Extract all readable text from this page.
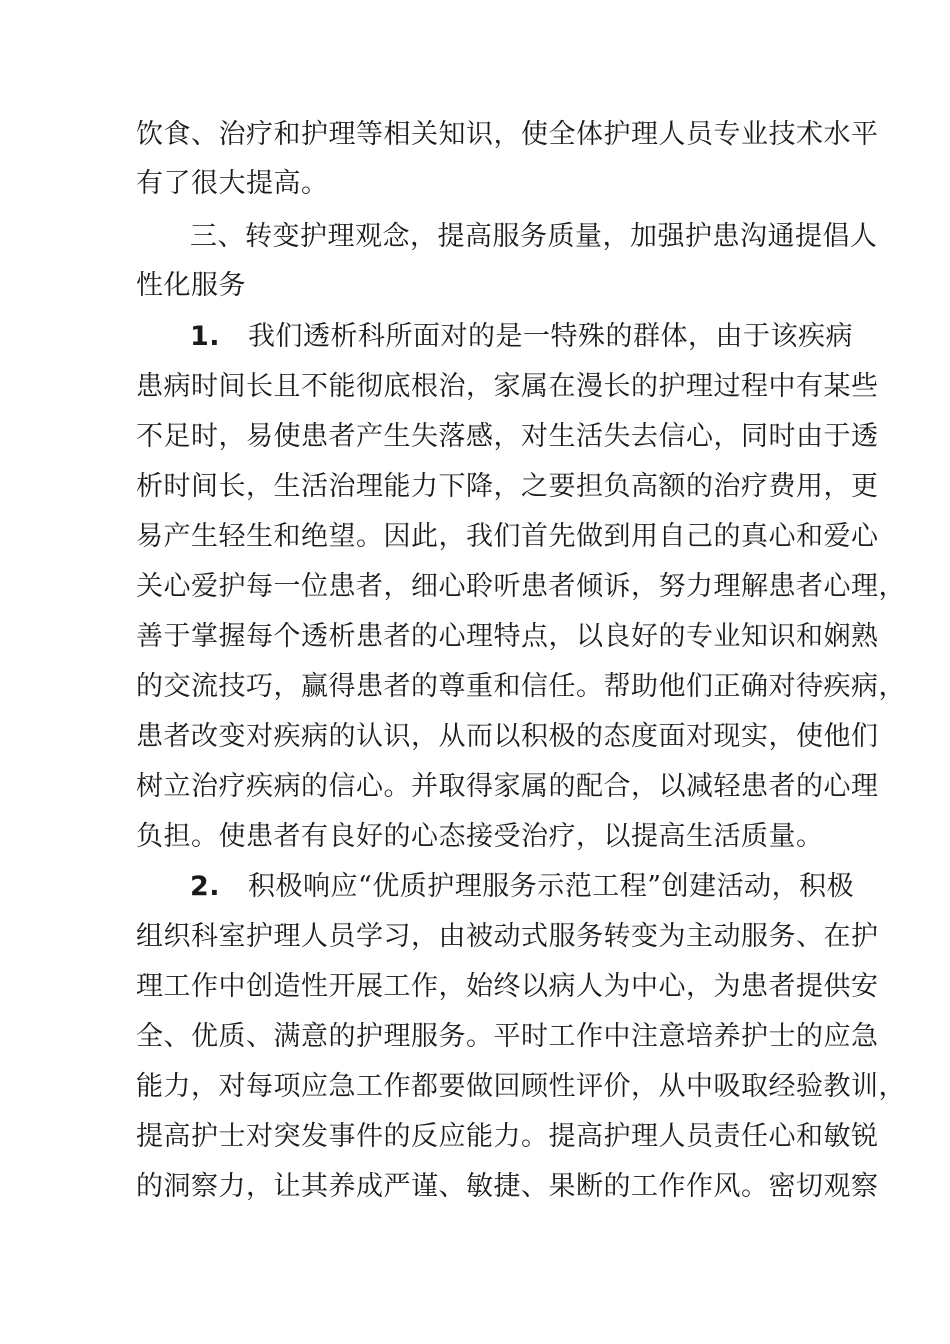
饮食、治疗和护理等相关知识，使全体护理人员专业技术水平
有了很大提高。
三、转变护理观念，提高服务质量，加强护患沟通提倡人
性化服务
1. 我们透析科所面对的是一特殊的群体，由于该疾病
患病时间长且不能彻底根治，家属在漫长的护理过程中有某些
不足时，易使患者产生失落感，对生活失去信心，同时由于透
析时间长，生活治理能力下降，之要担负高额的治疗费用，更
易产生轻生和绝望。因此，我们首先做到用自己的真心和爱心
关心爱护每一位患者，细心聆听患者倾诉，努力理解患者心理，
善于掌握每个透析患者的心理特点，以良好的专业知识和娴熟
的交流技巧，赢得患者的尊重和信任。帮助他们正确对待疾病，
患者改变对疾病的认识，从而以积极的态度面对现实，使他们
树立治疗疾病的信心。并取得家属的配合，以减轻患者的心理
负担。使患者有良好的心态接受治疗，以提高生活质量。
2. 积极响应“优质护理服务示范工程”创建活动，积极
组织科室护理人员学习，由被动式服务转变为主动服务、在护
理工作中创造性开展工作，始终以病人为中心，为患者提供安
全、优质、满意的护理服务。平时工作中注意培养护士的应急
能力，对每项应急工作都要做回顾性评价，从中吸取经验教训，
提高护士对突发事件的反应能力。提高护理人员责任心和敏锐
的洞察力，让其养成严谨、敏捷、果断的工作作风。密切观察
